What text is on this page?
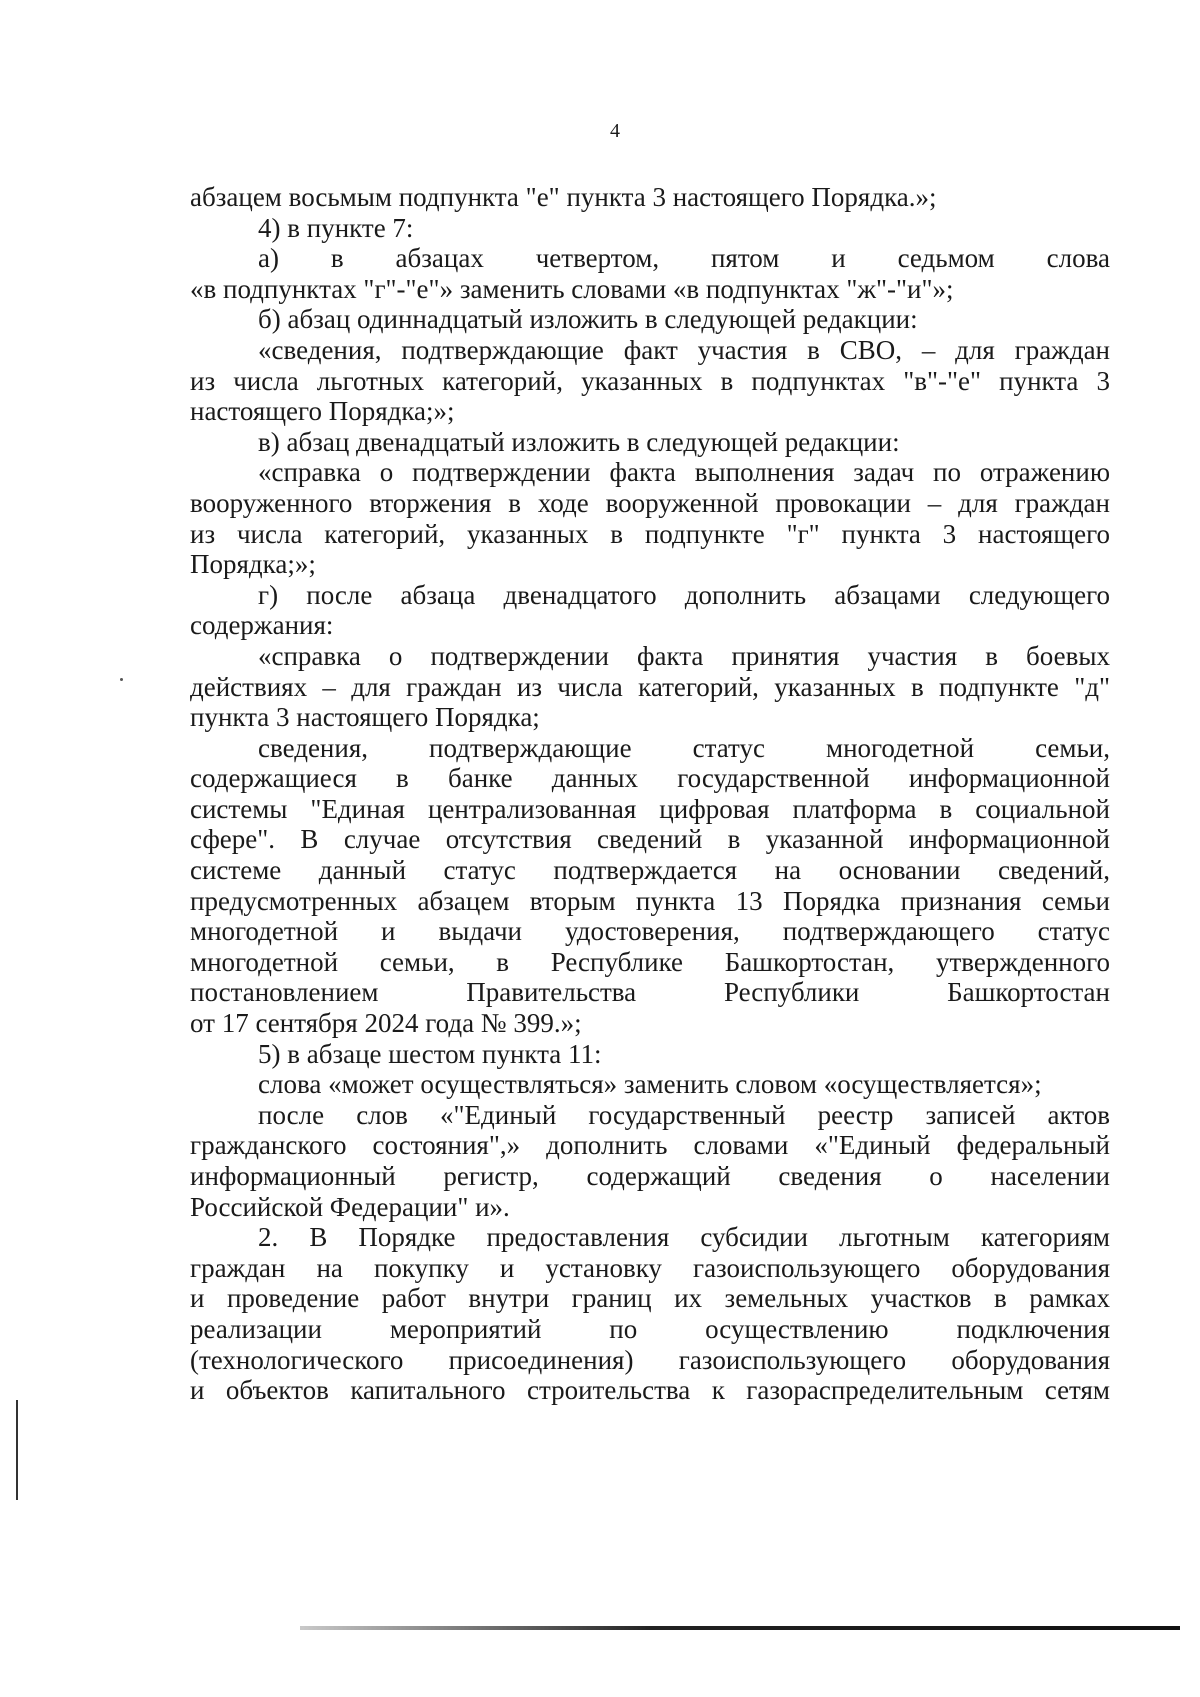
4
абзацем восьмым подпункта "е" пункта 3 настоящего Порядка.»;
4) в пункте 7:
а) в абзацах четвертом, пятом и седьмом слова
«в подпунктах "г"-"е"» заменить словами «в подпунктах "ж"-"и"»;
б) абзац одиннадцатый изложить в следующей редакции:
«сведения, подтверждающие факт участия в СВО, – для граждан
из числа льготных категорий, указанных в подпунктах "в"-"е" пункта 3
настоящего Порядка;»;
в) абзац двенадцатый изложить в следующей редакции:
«справка о подтверждении факта выполнения задач по отражению
вооруженного вторжения в ходе вооруженной провокации – для граждан
из числа категорий, указанных в подпункте "г" пункта 3 настоящего
Порядка;»;
г) после абзаца двенадцатого дополнить абзацами следующего
содержания:
«справка о подтверждении факта принятия участия в боевых
действиях – для граждан из числа категорий, указанных в подпункте "д"
пункта 3 настоящего Порядка;
сведения, подтверждающие статус многодетной семьи,
содержащиеся в банке данных государственной информационной
системы "Единая централизованная цифровая платформа в социальной
сфере". В случае отсутствия сведений в указанной информационной
системе данный статус подтверждается на основании сведений,
предусмотренных абзацем вторым пункта 13 Порядка признания семьи
многодетной и выдачи удостоверения, подтверждающего статус
многодетной семьи, в Республике Башкортостан, утвержденного
постановлением Правительства Республики Башкортостан
от 17 сентября 2024 года № 399.»;
5) в абзаце шестом пункта 11:
слова «может осуществляться» заменить словом «осуществляется»;
после слов «"Единый государственный реестр записей актов
гражданского состояния",» дополнить словами «"Единый федеральный
информационный регистр, содержащий сведения о населении
Российской Федерации" и».
2. В Порядке предоставления субсидии льготным категориям
граждан на покупку и установку газоиспользующего оборудования
и проведение работ внутри границ их земельных участков в рамках
реализации мероприятий по осуществлению подключения
(технологического присоединения) газоиспользующего оборудования
и объектов капитального строительства к газораспределительным сетям
